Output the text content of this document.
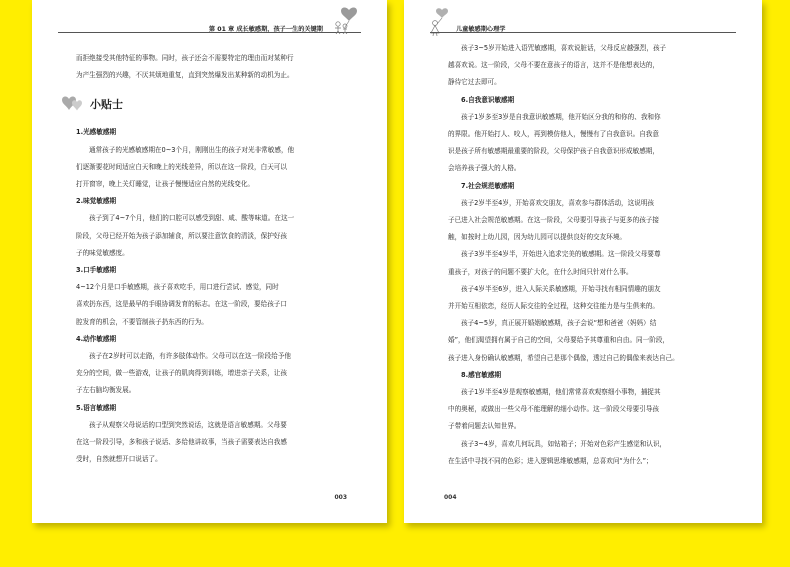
第 01 章 成长敏感期，孩子一生的关键期

而拒绝接受其他特征的事物。同时，孩子还会不需要特定的理由而对某种行

为产生强烈的兴趣，不厌其烦地重复，直到突然爆发出某种新的动机为止。

小贴士

1.光感敏感期

通常孩子的光感敏感期在0~3个月，刚刚出生的孩子对光非常敏感，他

们逐渐要花时间适应白天和晚上的光线差异，所以在这一阶段，白天可以

打开窗帘，晚上关灯睡觉，让孩子慢慢适应自然的光线变化。

2.味觉敏感期

孩子到了4~7个月，他们的口腔可以感受到甜、咸、酸等味道。在这一

阶段，父母已经开始为孩子添加辅食，所以要注意饮食的清淡，保护好孩

子的味觉敏感度。

3.口手敏感期

4~12个月是口手敏感期，孩子喜欢吃手，用口进行尝试、感觉，同时

喜欢扔东西，这是最早的手眼协调发育的标志。在这一阶段，要给孩子口

腔发育的机会，不要管制孩子扔东西的行为。

4.动作敏感期

孩子在2岁时可以走路，有许多肢体动作。父母可以在这一阶段给予他

充分的空间，做一些游戏，让孩子的肌肉得到训练，增进亲子关系，让孩

子左右脑均衡发展。

5.语言敏感期

孩子从观察父母说话的口型到突然说话，这就是语言敏感期。父母要

在这一阶段引导，多和孩子说话、多给他讲故事，当孩子需要表达自我感

受时，自然就想开口说话了。

003
儿童敏感期心理学

孩子3~5岁开始进入语咒敏感期，喜欢说脏话，父母反应越强烈，孩子

越喜欢说。这一阶段，父母不要在意孩子的语言，这并不是他想表达的，

静待它过去即可。

6.自我意识敏感期

孩子1岁多至3岁是自我意识敏感期，他开始区分我的和你的、我和你

的界限。他开始打人、咬人，再到模仿他人，慢慢有了自我意识。自我意

识是孩子所有敏感期最重要的阶段，父母保护孩子自我意识形成敏感期，

会培养孩子强大的人格。

7.社会规范敏感期

孩子2岁半至4岁，开始喜欢交朋友，喜欢参与群体活动，这说明孩

子已进入社会规范敏感期。在这一阶段，父母要引导孩子与更多的孩子接

触，如按时上幼儿园，因为幼儿园可以提供良好的交友环境。

孩子3岁半至4岁半，开始进入追求完美的敏感期。这一阶段父母要尊

重孩子，对孩子的问题不要扩大化，在什么时间只针对什么事。

孩子4岁半至6岁，进入人际关系敏感期，开始寻找有相同情趣的朋友

并开始互相依恋，经历人际交往的全过程，这种交往能力是与生俱来的。

孩子4~5岁，真正展开婚姻敏感期，孩子会说“想和爸爸（妈妈）结

婚”，他们渴望拥有属于自己的空间，父母要给予其尊重和自由。同一阶段，

孩子进入身份确认敏感期，希望自己是那个偶像，透过自己的偶像来表达自己。

8.感官敏感期

孩子1岁半至4岁是观察敏感期，他们常常喜欢观察细小事物，捕捉其

中的奥秘，或做出一些父母不能理解的细小动作。这一阶段父母要引导孩

子带着问题去认知世界。

孩子3~4岁，喜欢几何玩具，如钻箱子；开始对色彩产生感觉和认识，

在生活中寻找不同的色彩；进入逻辑思维敏感期，总喜欢问“为什么”；

004
